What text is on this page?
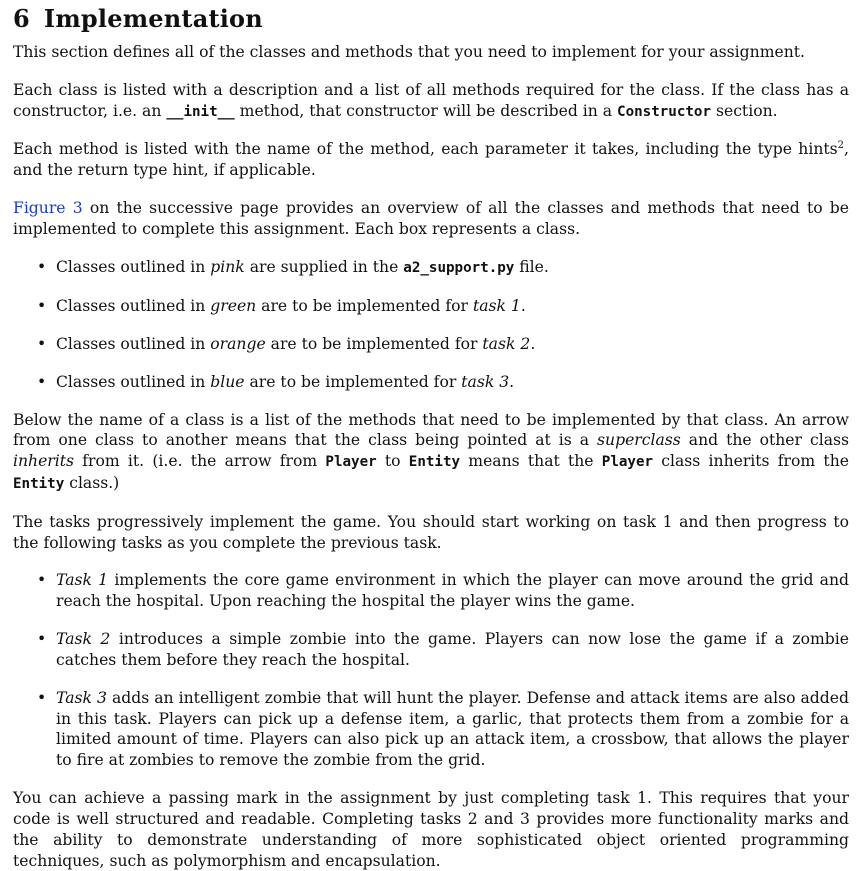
6 Implementation

This section defines all of the classes and methods that you need to implement for your assignment.

Each class is listed with a description and a list of all methods required for the class. If the class has a constructor, i.e. an __init__ method, that constructor will be described in a Constructor section.

Each method is listed with the name of the method, each parameter it takes, including the type hints$^2$, and the return type hint, if applicable.

Figure 3 on the successive page provides an overview of all the classes and methods that need to be implemented to complete this assignment. Each box represents a class.

• Classes outlined in pink are supplied in the a2_support.py file.
• Classes outlined in green are to be implemented for task 1.
• Classes outlined in orange are to be implemented for task 2.
• Classes outlined in blue are to be implemented for task 3.

Below the name of a class is a list of the methods that need to be implemented by that class. An arrow from one class to another means that the class being pointed at is a superclass and the other class inherits from it. (i.e. the arrow from Player to Entity means that the Player class inherits from the Entity class.)

The tasks progressively implement the game. You should start working on task 1 and then progress to the following tasks as you complete the previous task.

• Task 1 implements the core game environment in which the player can move around the grid and reach the hospital. Upon reaching the hospital the player wins the game.
• Task 2 introduces a simple zombie into the game. Players can now lose the game if a zombie catches them before they reach the hospital.
• Task 3 adds an intelligent zombie that will hunt the player. Defense and attack items are also added in this task. Players can pick up a defense item, a garlic, that protects them from a zombie for a limited amount of time. Players can also pick up an attack item, a crossbow, that allows the player to fire at zombies to remove the zombie from the grid.

You can achieve a passing mark in the assignment by just completing task 1. This requires that your code is well structured and readable. Completing tasks 2 and 3 provides more functionality marks and the ability to demonstrate understanding of more sophisticated object oriented programming techniques, such as polymorphism and encapsulation.
